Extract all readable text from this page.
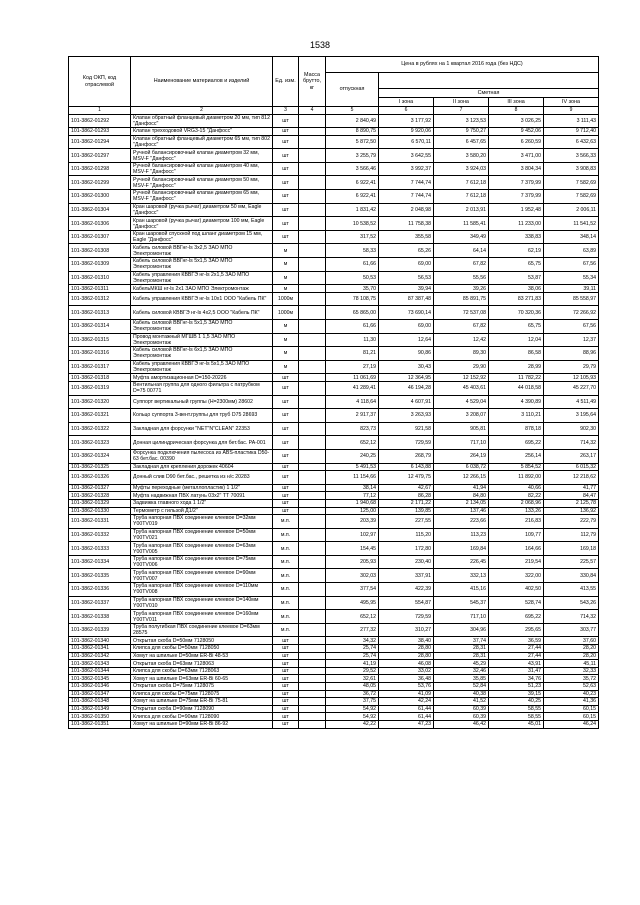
1538
Код ОКП, код отраслевой	Наименование материалов и изделий	Ед. изм.	Масса брутто, кг	Цена в рублях на 1 квартал 2016 года (без НДС)				
				отпускная				
					Сметная			
					I зона	II зона	III зона	IV зона
1	2	3	4	5	6	7	8	9
101-3862-01292	Клапан обратный фланцевый диаметром 20 мм, тип 812 "Данфосс"	шт		2 840,49	3 177,92	3 123,53	3 026,25	3 111,43
101-3862-01293	Клапан трехходовой VRG3-15 "Данфосс"	шт		8 890,75	9 920,06	9 750,27	9 452,06	9 712,40
101-3862-01294	Клапан обратный фланцевый диаметром 65 мм, тип 802 "Данфосс"	шт		5 872,50	6 570,11	6 457,65	6 260,59	6 432,63
101-3862-01297	Ручной балансировочный клапан диаметром 32 мм, MSV-F "Данфосс"	шт		3 255,79	3 642,55	3 580,20	3 471,00	3 566,33
101-3862-01298	Ручной балансировочный клапан диаметром 40 мм, MSV-F "Данфосс"	шт		3 566,46	3 992,37	3 924,03	3 804,34	3 908,83
101-3862-01299	Ручной балансировочный клапан диаметром 50 мм, MSV-F "Данфосс"	шт		6 922,41	7 744,74	7 612,18	7 379,99	7 582,69
101-3862-01300	Ручной балансировочный клапан диаметром 65 мм, MSV-F "Данфосс"	шт		6 922,41	7 744,74	7 612,18	7 379,99	7 582,69
101-3862-01304	Кран шаровой (ручка рычаг) диаметром 50 мм, Eagle "Данфосс"	шт		1 831,42	2 048,98	2 013,91	1 952,48	2 006,11
101-3862-01306	Кран шаровой (ручка рычаг) диаметром 100 мм, Eagle "Данфосс"	шт		10 538,52	11 758,38	11 585,41	11 233,00	11 541,52
101-3862-01307	Кран шаровой спускной под шланг диаметром 15 мм, Eagle "Данфосс"	шт		317,52	355,58	349,49	338,83	348,14
101-3862-01308	Кабель силовой ВВГнг-ls 3х2,5 ЗАО МПО Электромонтаж	м		58,33	65,26	64,14	62,19	63,89
101-3862-01309	Кабель силовой ВВГнг-ls 5х1,5 ЗАО МПО Электромонтаж	м		61,66	69,00	67,82	65,75	67,56
101-3862-01310	Кабель управления КВВГЭ нг-ls 2х1,5 ЗАО МПО Электромонтаж	м		50,53	56,53	55,56	53,87	55,34
101-3862-01311	КабельМКШ нг-ls 2х1 ЗАО МПО Электромонтаж	м		35,70	39,94	39,26	38,06	39,11
101-3862-01312	Кабель управления КВВГЭ нг-ls 10х1 ООО "Кабель ПК"	1000м		78 108,75	87 387,48	85 891,75	83 271,83	85 558,97
101-3862-01313	Кабель силовой КВВГЭ нг-ls 4х2,5 ООО "Кабель ПК"	1000м		65 865,00	73 690,14	72 537,08	70 320,36	72 266,92
101-3862-01314	Кабель силовой ВВГнг-ls 5х1,5 ЗАО МПО Электромонтаж	м		61,66	69,00	67,82	65,75	67,56
101-3862-01315	Провод монтажный МГШВ 1 1,5 ЗАО МПО Электромонтаж	м		11,30	12,64	12,42	12,04	12,37
101-3862-01316	Кабель силовой ВВГнг-ls 6х1,5 ЗАО МПО Электромонтаж	м		81,21	90,86	89,30	86,58	88,96
101-3862-01317	Кабель управления КВВГЭ нг-ls 5х1,5 ЗАО МПО Электромонтаж	м		27,19	30,43	29,90	28,99	29,79
101-3862-01318	Муфта амортизационная D=150-20226	шт		11 061,69	12 364,95	12 152,92	11 782,22	12 105,93
101-3862-01319	Вентильная группа для одного фильтра с патрубком D=75 00771	шт		41 289,41	46 194,28	45 403,61	44 018,58	45 227,70
101-3862-01320	Суппорт вертикальный группы (H=2300мм) 28602	шт		4 118,64	4 607,91	4 529,04	4 390,89	4 511,49
101-3862-01321	Кольцо суппорта 3-вент.группы для труб D75 28693	шт		2 917,37	3 263,93	3 208,07	3 110,21	3 195,64
101-3862-01322	Закладная для форсунки "NET"N"CLEAN" 22353	шт		823,73	921,58	905,81	878,18	902,30
101-3862-01323	Донная цилиндрическая форсунка для бет.бас. PA-001	шт		652,12	729,59	717,10	695,22	714,32
101-3862-01324	Форсунка подключения пылесоса из ABS-пластика D50-63 бет.бас. 00390	шт		240,25	268,79	264,19	256,14	263,17
101-3862-01325	Закладная для крепления дорожек 40604	шт		5 491,53	6 143,88	6 038,72	5 854,52	6 015,32
101-3862-01326	Донный слив D90 бет.бас., решетка из н/с 20283	шт		11 154,66	12 479,75	12 266,15	11 892,00	12 218,62
101-3862-01327	Муфты переходные (металлопластик) 1 1/2"	шт		38,14	42,67	41,94	40,66	41,77
101-3862-01328	Муфта надвижная ПВХ латунь 03х2" ТТ 70091	шт		77,12	86,28	84,80	82,22	84,47
101-3862-01329	Задвижка главного хода 1 1/2"	шт		1 940,68	2 171,22	2 134,05	2 068,96	2 125,78
101-3862-01330	Термометр с гильзой Д1/2"	шт		125,00	139,85	137,46	133,26	136,92
101-3862-01331	Труба напорная ПВХ соединение клеевое D=32мм Y00TV019	м.п.		203,39	227,55	223,66	216,83	222,79
101-3862-01332	Труба напорная ПВХ соединение клеевое D=50мм Y00TV021	м.п.		102,97	115,20	113,23	109,77	112,79
101-3862-01333	Труба напорная ПВХ соединение клеевое D=63мм Y00TV005	м.п.		154,45	172,80	169,84	164,66	169,18
101-3862-01334	Труба напорная ПВХ соединение клеевое D=75мм Y00TV006	м.п.		205,93	230,40	226,45	219,54	225,57
101-3862-01335	Труба напорная ПВХ соединение клеевое D=90мм Y00TV007	м.п.		302,03	337,91	332,13	322,00	330,84
101-3862-01336	Труба напорная ПВХ соединение клеевое D=110мм Y00TV008	м.п.		377,54	422,39	415,16	402,50	413,55
101-3862-01337	Труба напорная ПВХ соединение клеевое D=140мм Y00TV010	м.п.		495,95	554,87	545,37	528,74	543,26
101-3862-01338	Труба напорная ПВХ соединение клеевое D=160мм Y00TV011	м.п.		652,12	729,59	717,10	695,22	714,32
101-3862-01339	Труба полугибкая ПВХ соединение клеевое D=63мм 28575	м.п.		277,32	310,27	304,96	295,65	303,77
101-3862-01340	Открытая скоба D=50мм 7128050	шт		34,32	38,40	37,74	36,59	37,60
101-3862-01341	Клипса для скобы D=50мм 7128050	шт		25,74	28,80	28,31	27,44	28,20
101-3862-01342	Хомут на шпильке D=50мм ER-Bi 48-53	шт		25,74	28,80	28,31	27,44	28,20
101-3862-01343	Открытая скоба D=63мм 7128063	шт		41,19	46,08	45,29	43,91	45,11
101-3862-01344	Клипса для скобы D=63мм 7128063	шт		29,52	33,02	32,46	31,47	32,33
101-3862-01345	Хомут на шпильке D=63мм ER-Bi 60-65	шт		32,61	36,48	35,85	34,76	35,72
101-3862-01346	Открытая скоба D=75мм 7128075	шт		48,05	53,76	52,84	51,23	52,63
101-3862-01347	Клипса для скобы D=75мм 7128075	шт		36,72	41,09	40,38	39,15	40,23
101-3862-01348	Хомут на шпильке D=75мм ER-Bi 75-81	шт		37,75	42,24	41,52	40,25	41,36
101-3862-01349	Открытая скоба D=90мм 7128090	шт		54,92	61,44	60,39	58,55	60,15
101-3862-01350	Клипса для скобы D=90мм 7128090	шт		54,92	61,44	60,39	58,55	60,15
101-3862-01351	Хомут на шпильке D=90мм ER-Bi 86-92	шт		42,22	47,23	46,42	45,01	46,24
